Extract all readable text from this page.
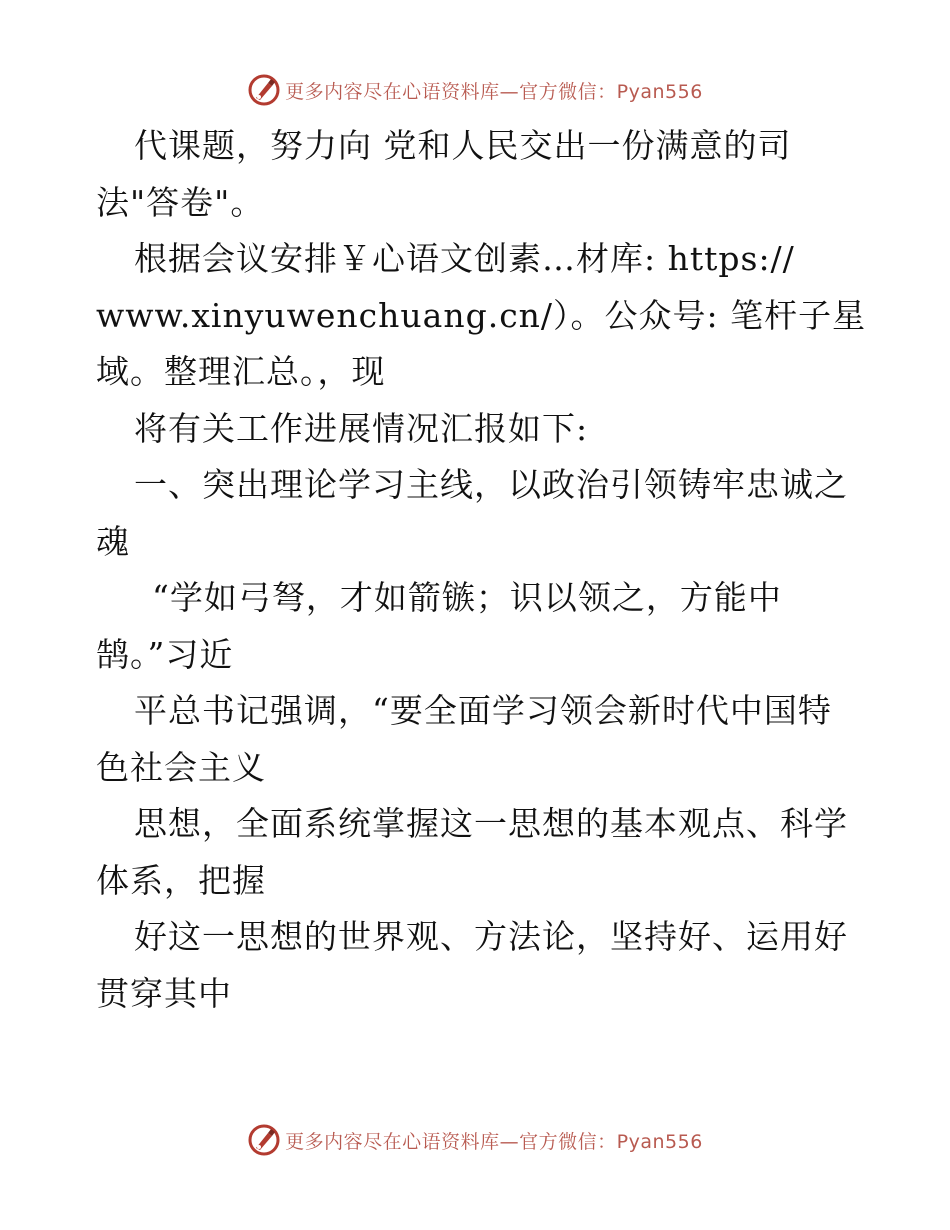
更多内容尽在心语资料库—官方微信：Pyan556
代课题，努力向 党和人民交出一份满意的司
法"答卷"。
根据会议安排￥心语文创素…材库: https://
www.xinyuwenchuang.cn/）。公众号: 笔杆子星
域。整理汇总。，现
将有关工作进展情况汇报如下:
一、突出理论学习主线，以政治引领铸牢忠诚之
魂
“学如弓弩，才如箭镞；识以领之，方能中
鹄。”习近
平总书记强调，“要全面学习领会新时代中国特
色社会主义
思想，全面系统掌握这一思想的基本观点、科学
体系，把握
好这一思想的世界观、方法论，坚持好、运用好
贯穿其中
更多内容尽在心语资料库—官方微信：Pyan556
